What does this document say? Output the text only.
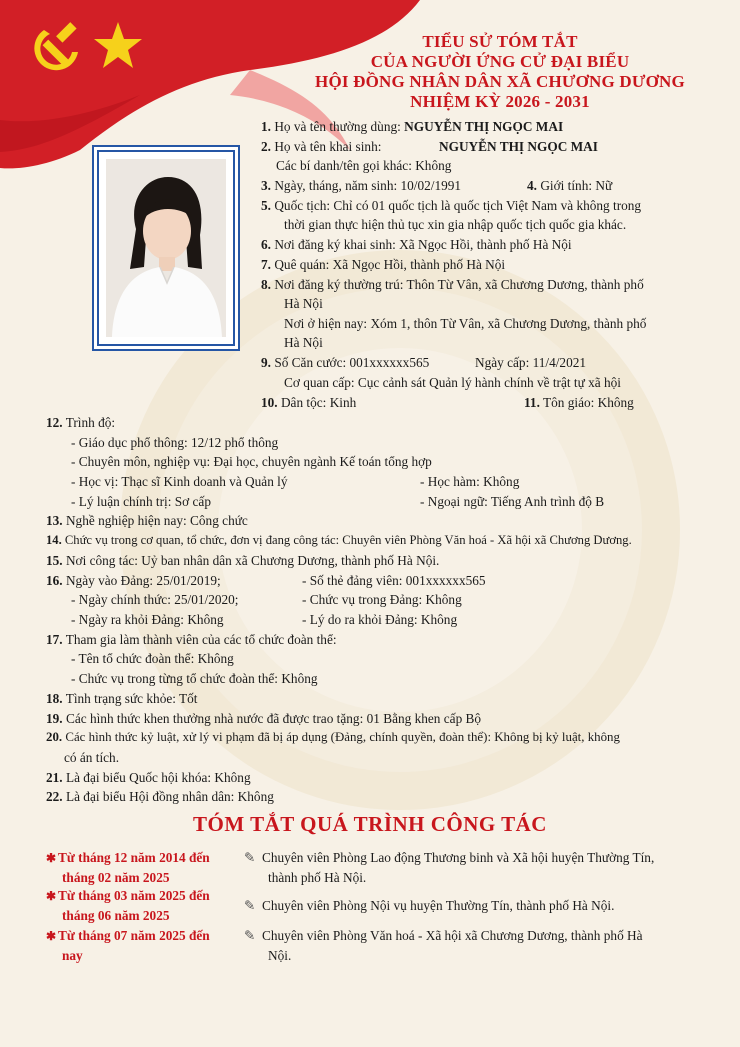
TIỂU SỬ TÓM TẮT
CỦA NGƯỜI ỨNG CỬ ĐẠI BIỂU
HỘI ĐỒNG NHÂN DÂN XÃ CHƯƠNG DƯƠNG
NHIỆM KỲ 2026 - 2031
1. Họ và tên thường dùng: NGUYỄN THỊ NGỌC MAI
2. Họ và tên khai sinh:	NGUYỄN THỊ NGỌC MAI
Các bí danh/tên gọi khác: Không
3. Ngày, tháng, năm sinh: 10/02/1991	4. Giới tính: Nữ
5. Quốc tịch: Chỉ có 01 quốc tịch là quốc tịch Việt Nam và không trong
thời gian thực hiện thủ tục xin gia nhập quốc tịch quốc gia khác.
6. Nơi đăng ký khai sinh: Xã Ngọc Hồi, thành phố Hà Nội
7. Quê quán: Xã Ngọc Hồi, thành phố Hà Nội
8. Nơi đăng ký thường trú: Thôn Từ Vân, xã Chương Dương, thành phố
Hà Nội
Nơi ở hiện nay: Xóm 1, thôn Từ Vân, xã Chương Dương, thành phố
Hà Nội
9. Số Căn cước: 001xxxxxx565	Ngày cấp: 11/4/2021
Cơ quan cấp: Cục cảnh sát Quản lý hành chính về trật tự xã hội
10. Dân tộc: Kinh	11. Tôn giáo: Không
12. Trình độ:
- Giáo dục phổ thông: 12/12 phổ thông
- Chuyên môn, nghiệp vụ: Đại học, chuyên ngành Kế toán tổng hợp
- Học vị: Thạc sĩ Kinh doanh và Quản lý	- Học hàm: Không
- Lý luận chính trị: Sơ cấp	- Ngoại ngữ: Tiếng Anh trình độ B
13. Nghề nghiệp hiện nay: Công chức
14. Chức vụ trong cơ quan, tổ chức, đơn vị đang công tác: Chuyên viên Phòng Văn hoá - Xã hội xã Chương Dương.
15. Nơi công tác: Uỷ ban nhân dân xã Chương Dương, thành phố Hà Nội.
16. Ngày vào Đảng: 25/01/2019;	- Số thẻ đảng viên: 001xxxxxx565
- Ngày chính thức: 25/01/2020;	- Chức vụ trong Đảng: Không
- Ngày ra khỏi Đảng: Không	- Lý do ra khỏi Đảng: Không
17. Tham gia làm thành viên của các tổ chức đoàn thể:
- Tên tổ chức đoàn thể: Không
- Chức vụ trong từng tổ chức đoàn thể: Không
18. Tình trạng sức khỏe: Tốt
19. Các hình thức khen thưởng nhà nước đã được trao tặng: 01 Bằng khen cấp Bộ
20. Các hình thức kỷ luật, xử lý vi phạm đã bị áp dụng (Đảng, chính quyền, đoàn thể): Không bị kỷ luật, không
có án tích.
21. Là đại biểu Quốc hội khóa: Không
22. Là đại biểu Hội đồng nhân dân: Không
TÓM TẮT QUÁ TRÌNH CÔNG TÁC
✱ Từ tháng 12 năm 2014 đến
tháng 02 năm 2025
✎ Chuyên viên Phòng Lao động Thương binh và Xã hội huyện Thường Tín,
thành phố Hà Nội.
✱ Từ tháng 03 năm 2025 đến
tháng 06 năm 2025
✎ Chuyên viên Phòng Nội vụ huyện Thường Tín, thành phố Hà Nội.
✱ Từ tháng 07 năm 2025 đến
nay
✎ Chuyên viên Phòng Văn hoá - Xã hội xã Chương Dương, thành phố Hà
Nội.
